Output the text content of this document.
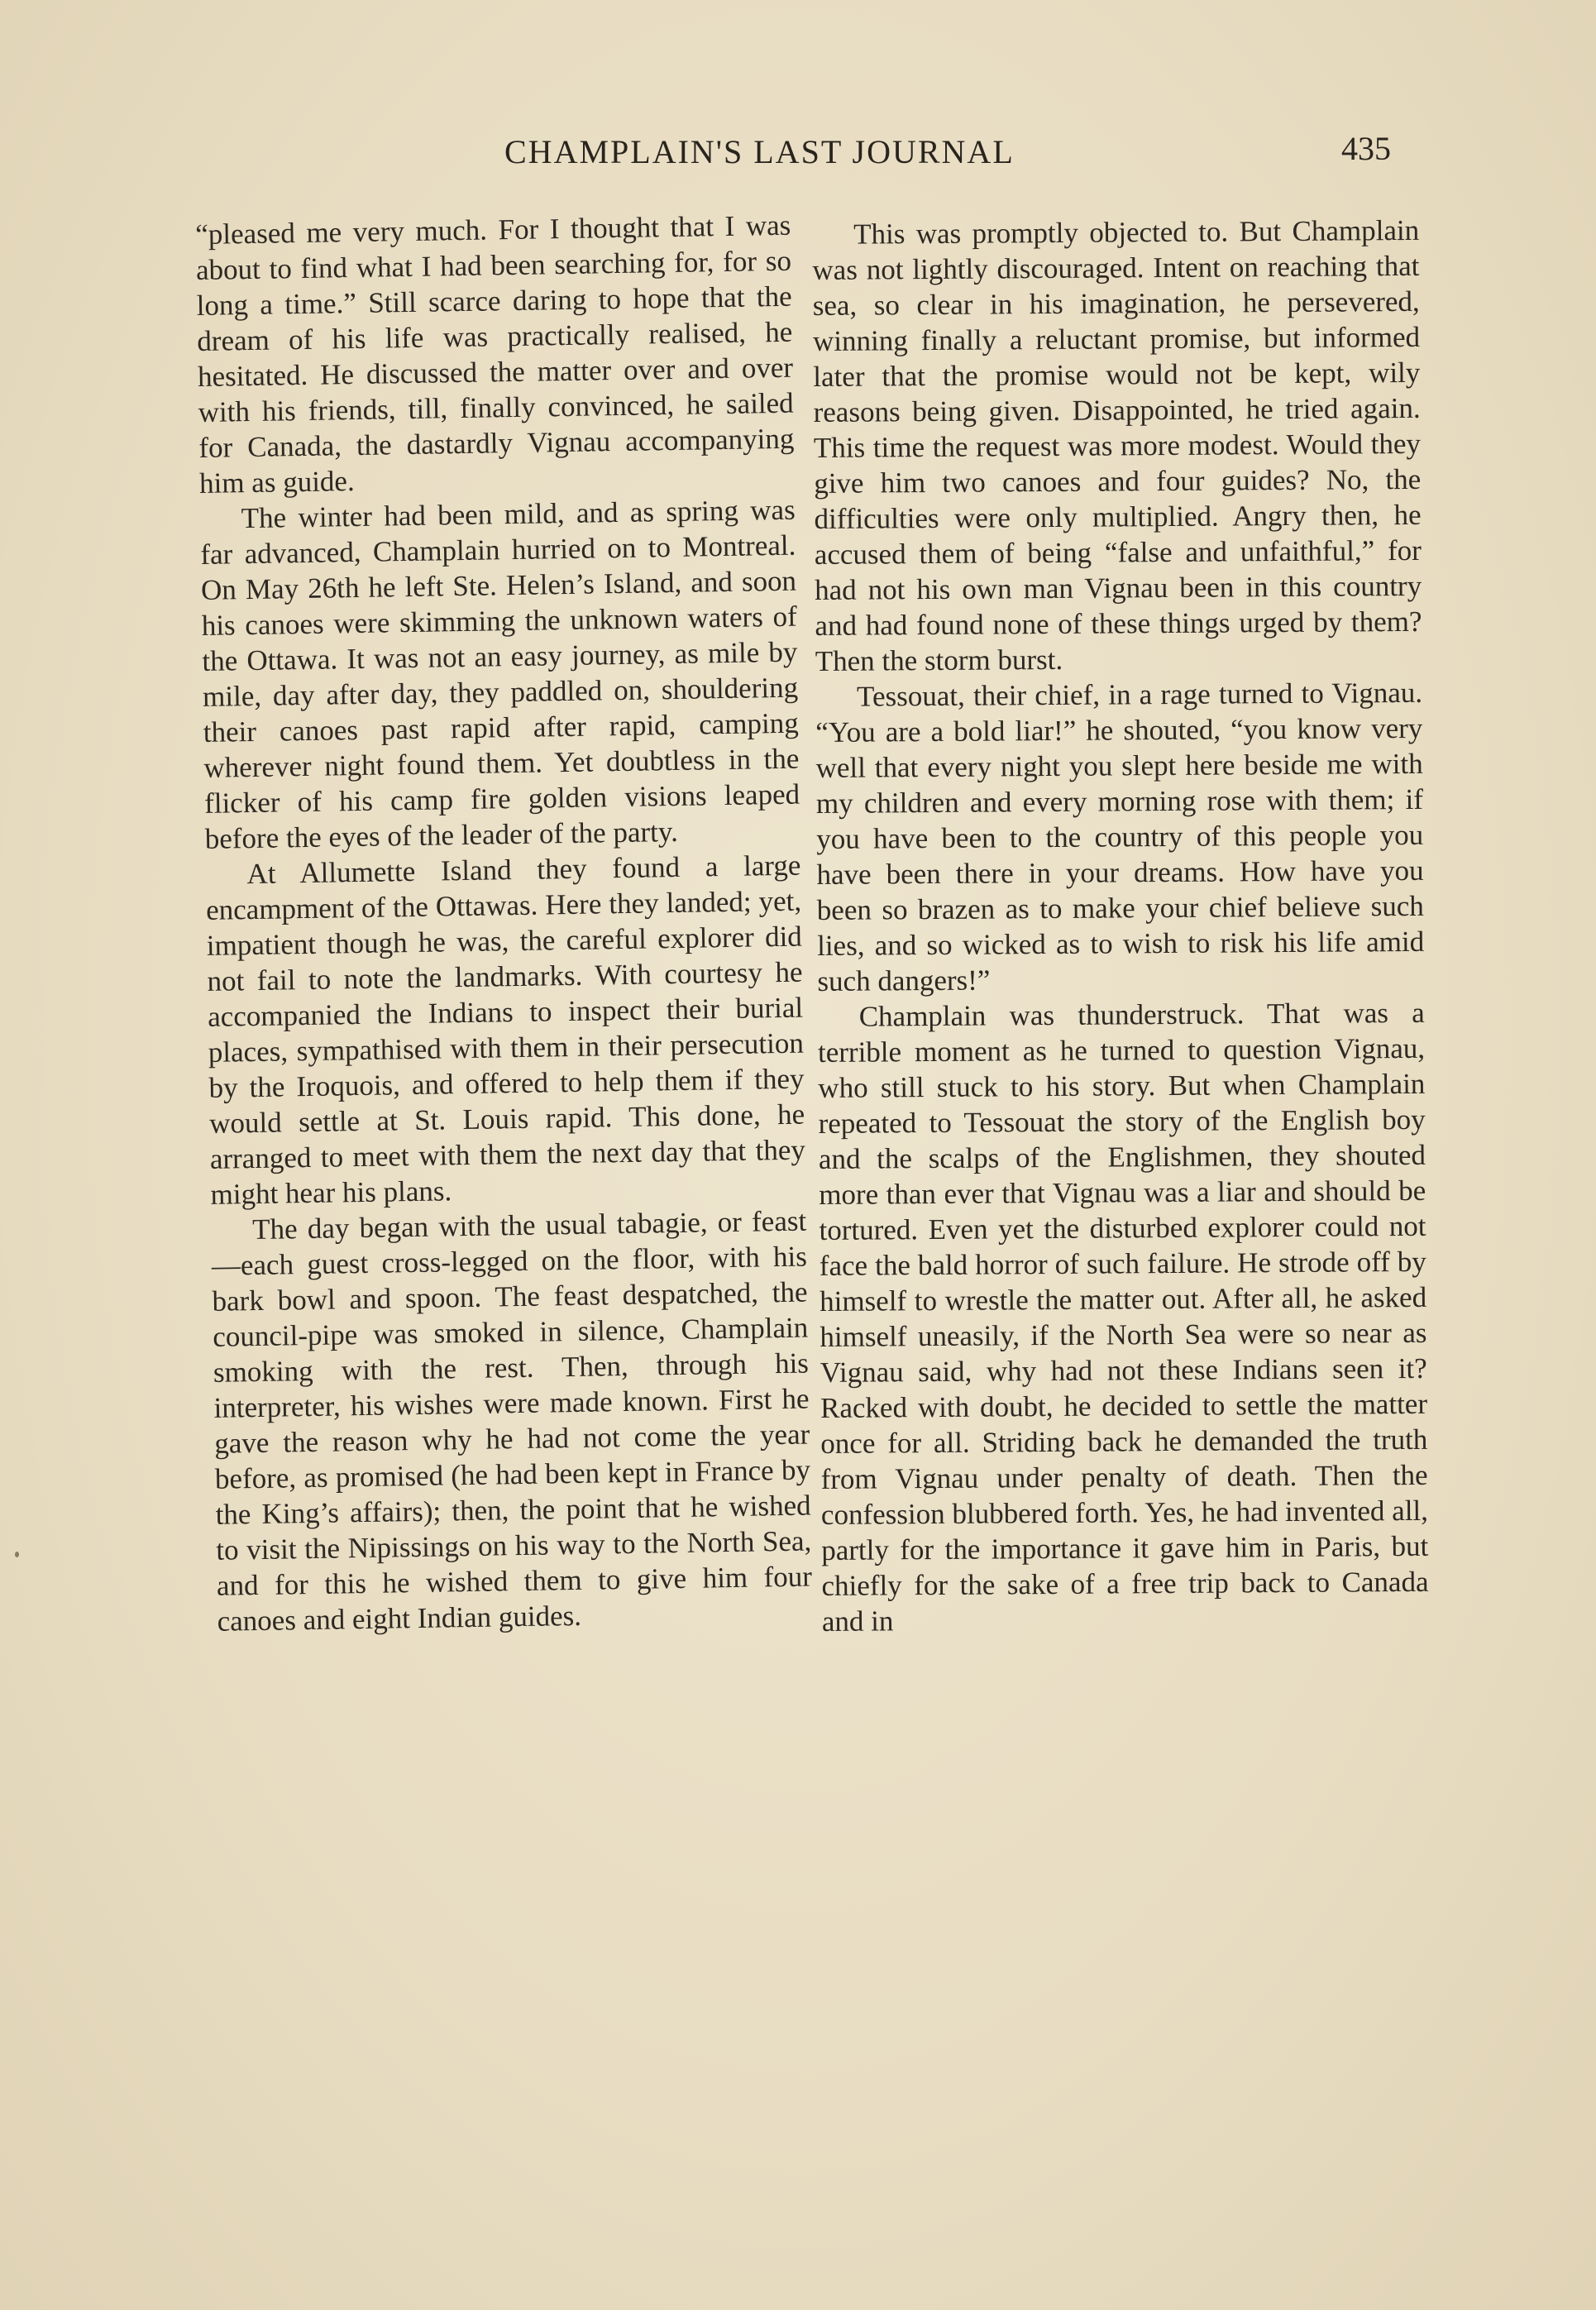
CHAMPLAIN'S LAST JOURNAL	435

“pleased me very much. For I thought that I was about to find what I had been searching for, for so long a time.” Still scarce daring to hope that the dream of his life was practically realised, he hesitated. He discussed the matter over and over with his friends, till, finally convinced, he sailed for Canada, the dastardly Vignau accompanying him as guide.

The winter had been mild, and as spring was far advanced, Champlain hurried on to Montreal. On May 26th he left Ste. Helen’s Island, and soon his canoes were skimming the unknown waters of the Ottawa. It was not an easy journey, as mile by mile, day after day, they paddled on, shouldering their canoes past rapid after rapid, camping wherever night found them. Yet doubtless in the flicker of his camp fire golden visions leaped before the eyes of the leader of the party.

At Allumette Island they found a large encampment of the Ottawas. Here they landed; yet, impatient though he was, the careful explorer did not fail to note the landmarks. With courtesy he accompanied the Indians to inspect their burial places, sympathised with them in their persecution by the Iroquois, and offered to help them if they would settle at St. Louis rapid. This done, he arranged to meet with them the next day that they might hear his plans.

The day began with the usual tabagie, or feast—each guest cross-legged on the floor, with his bark bowl and spoon. The feast despatched, the council-pipe was smoked in silence, Champlain smoking with the rest. Then, through his interpreter, his wishes were made known. First he gave the reason why he had not come the year before, as promised (he had been kept in France by the King’s affairs); then, the point that he wished to visit the Nipissings on his way to the North Sea, and for this he wished them to give him four canoes and eight Indian guides.

This was promptly objected to. But Champlain was not lightly discouraged. Intent on reaching that sea, so clear in his imagination, he persevered, winning finally a reluctant promise, but informed later that the promise would not be kept, wily reasons being given. Disappointed, he tried again. This time the request was more modest. Would they give him two canoes and four guides? No, the difficulties were only multiplied. Angry then, he accused them of being “false and unfaithful,” for had not his own man Vignau been in this country and had found none of these things urged by them? Then the storm burst.

Tessouat, their chief, in a rage turned to Vignau. “You are a bold liar!” he shouted, “you know very well that every night you slept here beside me with my children and every morning rose with them; if you have been to the country of this people you have been there in your dreams. How have you been so brazen as to make your chief believe such lies, and so wicked as to wish to risk his life amid such dangers!”

Champlain was thunderstruck. That was a terrible moment as he turned to question Vignau, who still stuck to his story. But when Champlain repeated to Tessouat the story of the English boy and the scalps of the Englishmen, they shouted more than ever that Vignau was a liar and should be tortured. Even yet the disturbed explorer could not face the bald horror of such failure. He strode off by himself to wrestle the matter out. After all, he asked himself uneasily, if the North Sea were so near as Vignau said, why had not these Indians seen it? Racked with doubt, he decided to settle the matter once for all. Striding back he demanded the truth from Vignau under penalty of death. Then the confession blubbered forth. Yes, he had invented all, partly for the importance it gave him in Paris, but chiefly for the sake of a free trip back to Canada and in
